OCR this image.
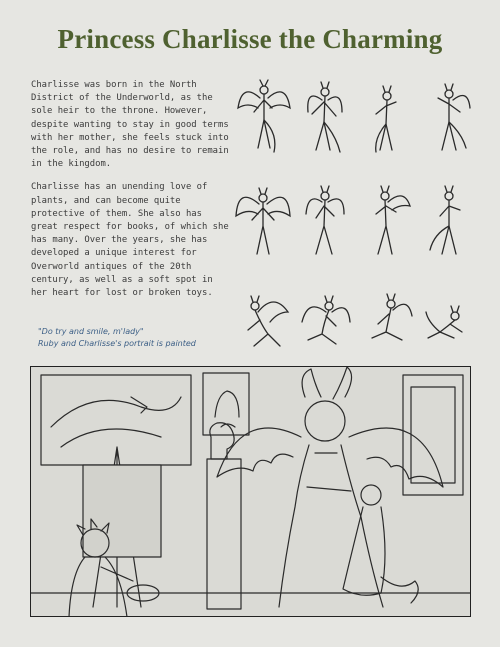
Princess Charlisse the Charming

Charlisse was born in the North District of the Underworld, as the sole heir to the throne. However, despite wanting to stay in good terms with her mother, she feels stuck into the role, and has no desire to remain in the kingdom.

Charlisse has an unending love of plants, and can become quite protective of them. She also has great respect for books, of which she has many. Over the years, she has developed a unique interest for Overworld antiques of the 20th century, as well as a soft spot in her heart for lost or broken toys.

"Do try and smile, m'lady"
Ruby and Charlisse's portrait is painted
